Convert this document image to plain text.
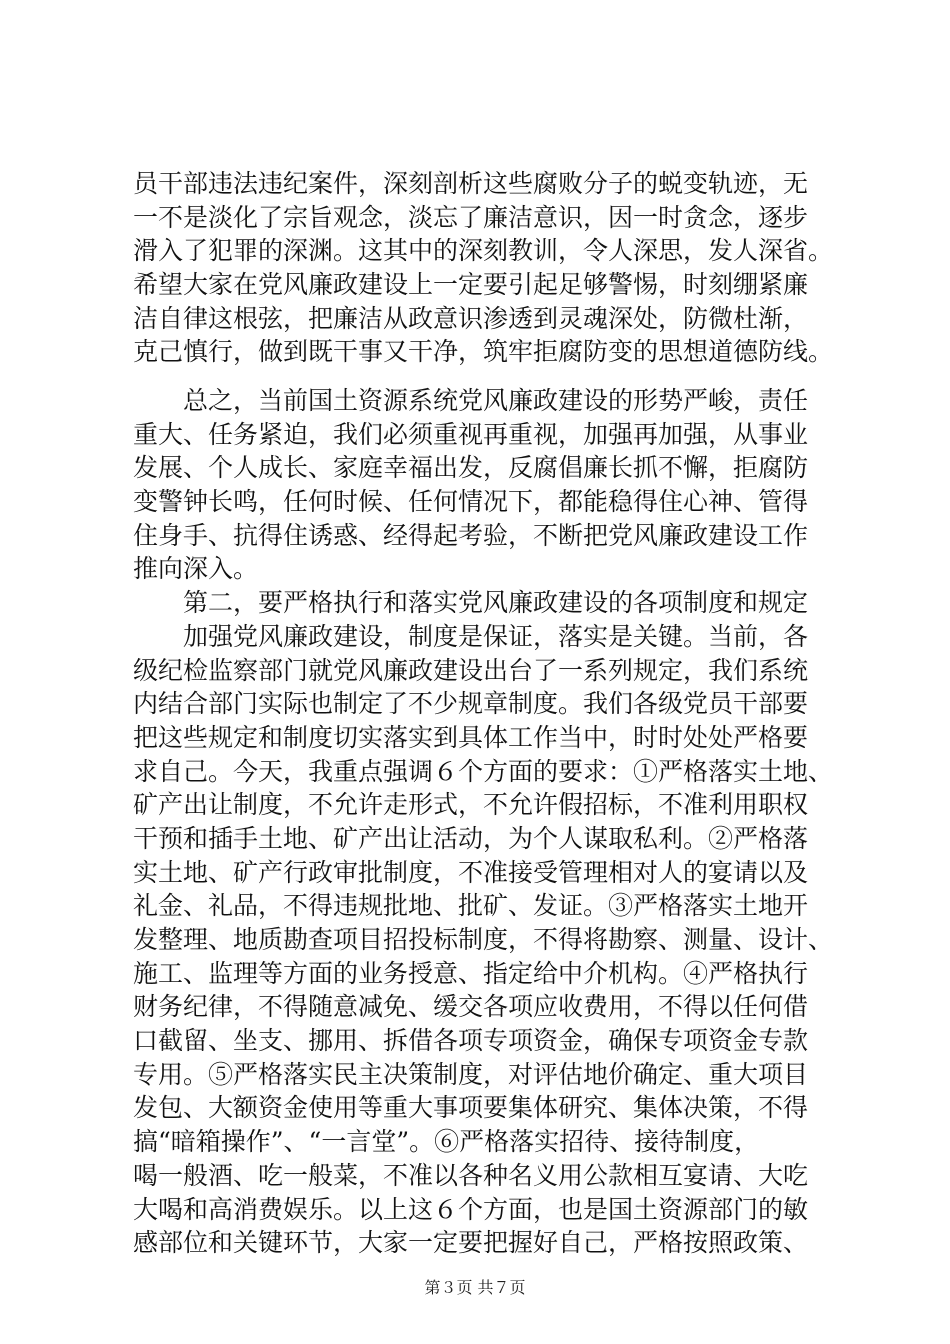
员干部违法违纪案件，深刻剖析这些腐败分子的蜕变轨迹，无
一不是淡化了宗旨观念，淡忘了廉洁意识，因一时贪念，逐步
滑入了犯罪的深渊。这其中的深刻教训，令人深思，发人深省。
希望大家在党风廉政建设上一定要引起足够警惕，时刻绷紧廉
洁自律这根弦，把廉洁从政意识渗透到灵魂深处，防微杜渐，
克己慎行，做到既干事又干净，筑牢拒腐防变的思想道德防线。
　　总之，当前国土资源系统党风廉政建设的形势严峻，责任
重大、任务紧迫，我们必须重视再重视，加强再加强，从事业
发展、个人成长、家庭幸福出发，反腐倡廉长抓不懈，拒腐防
变警钟长鸣，任何时候、任何情况下，都能稳得住心神、管得
住身手、抗得住诱惑、经得起考验，不断把党风廉政建设工作
推向深入。
　　第二，要严格执行和落实党风廉政建设的各项制度和规定
　　加强党风廉政建设，制度是保证，落实是关键。当前，各
级纪检监察部门就党风廉政建设出台了一系列规定，我们系统
内结合部门实际也制定了不少规章制度。我们各级党员干部要
把这些规定和制度切实落实到具体工作当中，时时处处严格要
求自己。今天，我重点强调６个方面的要求：①严格落实土地、
矿产出让制度，不允许走形式，不允许假招标，不准利用职权
干预和插手土地、矿产出让活动，为个人谋取私利。②严格落
实土地、矿产行政审批制度，不准接受管理相对人的宴请以及
礼金、礼品，不得违规批地、批矿、发证。③严格落实土地开
发整理、地质勘查项目招投标制度，不得将勘察、测量、设计、
施工、监理等方面的业务授意、指定给中介机构。④严格执行
财务纪律，不得随意减免、缓交各项应收费用，不得以任何借
口截留、坐支、挪用、拆借各项专项资金，确保专项资金专款
专用。⑤严格落实民主决策制度，对评估地价确定、重大项目
发包、大额资金使用等重大事项要集体研究、集体决策，不得
搞“暗箱操作”、“一言堂”。⑥严格落实招待、接待制度，
喝一般酒、吃一般菜，不准以各种名义用公款相互宴请、大吃
大喝和高消费娱乐。以上这６个方面，也是国土资源部门的敏
感部位和关键环节，大家一定要把握好自己，严格按照政策、
第３页 共７页
